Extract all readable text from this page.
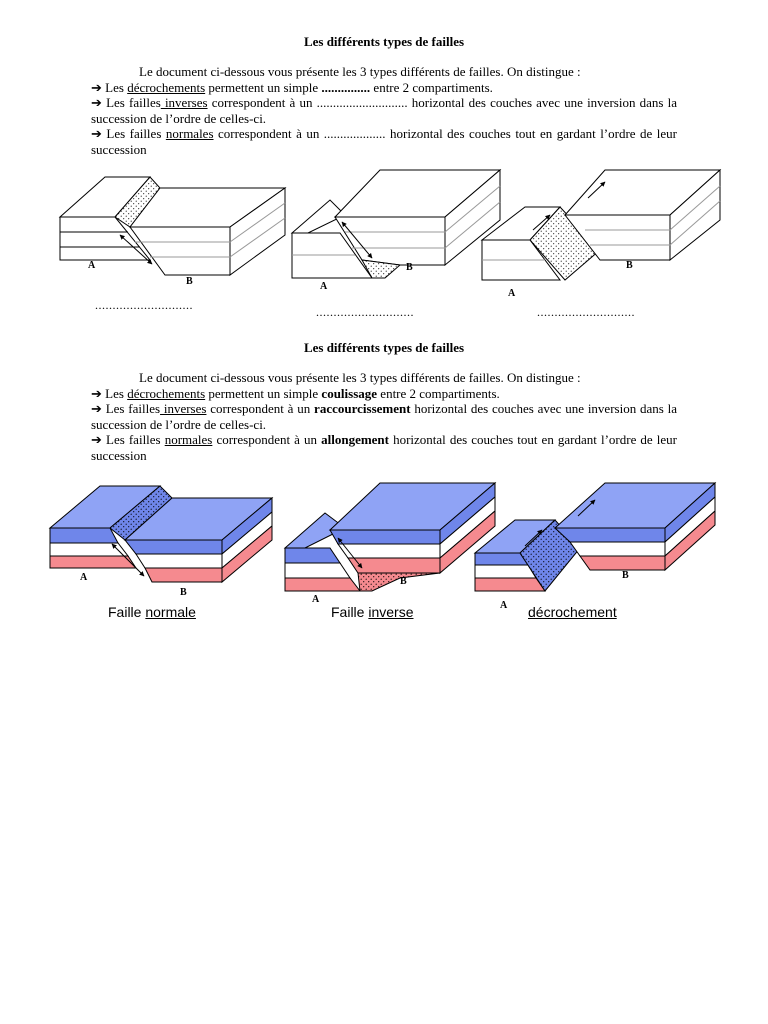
Les différents types de failles

Le document ci-dessous vous présente les 3 types différents de failles. On distingue :

➔ Les décrochements permettent un simple ............... entre 2 compartiments.

➔ Les failles inverses correspondent à un ............................ horizontal des couches avec une inversion dans la succession de l’ordre de celles-ci.

➔ Les failles normales correspondent à un ................... horizontal des couches tout en gardant l’ordre de leur succession

A
B	A
B
A
B
............................	............................	............................
Les différents types de failles

Le document ci-dessous vous présente les 3 types différents de failles. On distingue :

➔ Les décrochements permettent un simple coulissage entre 2 compartiments.

➔ Les failles inverses correspondent à un raccourcissement horizontal des couches avec une inversion dans la succession de l’ordre de celles-ci.

➔ Les failles normales correspondent à un allongement horizontal des couches tout en gardant l’ordre de leur succession

A
B
A
B
A
B
Faille normale	Faille inverse	décrochement
